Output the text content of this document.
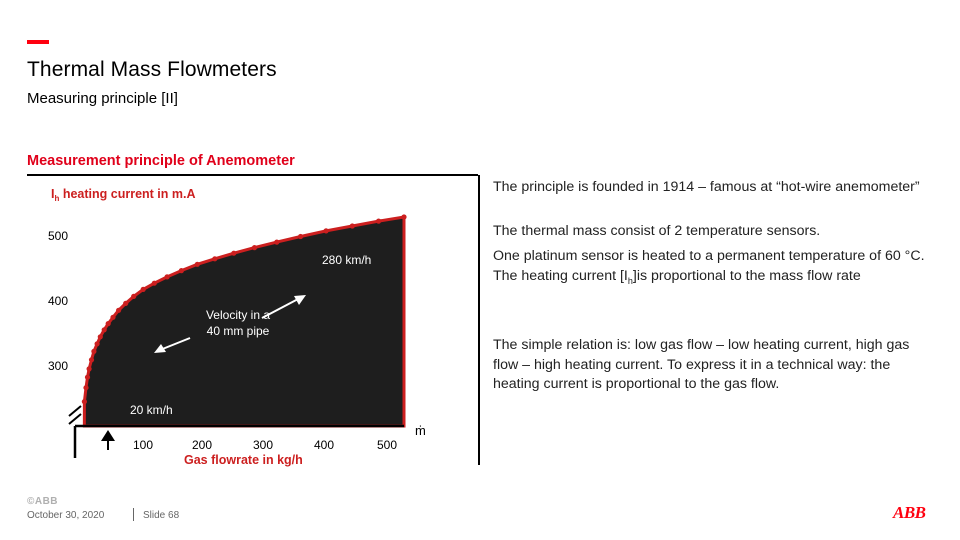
Thermal Mass Flowmeters
Measuring principle [II]
Measurement principle of Anemometer
$I_h$ heating current in m.A
500
400
300
100	200	300	400	500
Gas flowrate in kg/h
ṁ
280 km/h
Velocity in a
40 mm pipe
20 km/h
The principle is founded in 1914 – famous at “hot-wire anemometer”
The thermal mass consist of 2 temperature sensors.
One platinum sensor is heated to a permanent temperature of 60 °C. The heating current $[I_h]is$ proportional to the mass flow rate
The simple relation is: low gas flow – low heating current, high gas flow – high heating current. To express it in a technical way: the heating current is proportional to the gas flow.
©ABB
October 30, 2020	Slide 68	ABB
